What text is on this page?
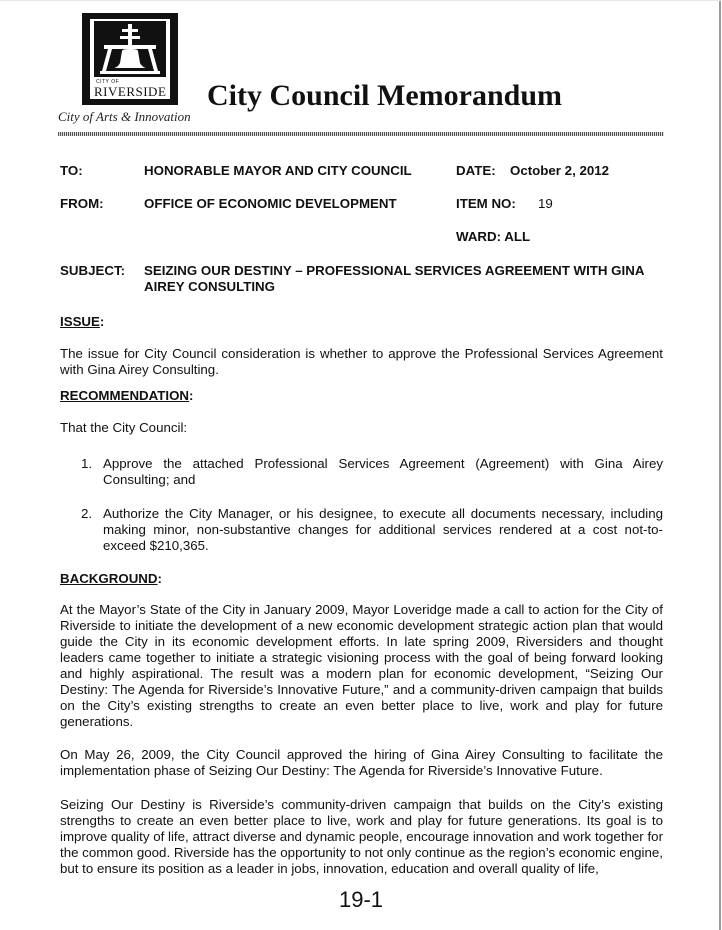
CITY OF
RIVERSIDE
City of Arts & Innovation
City Council Memorandum
TO:	HONORABLE MAYOR AND CITY COUNCIL	DATE: October 2, 2012
FROM:	OFFICE OF ECONOMIC DEVELOPMENT	ITEM NO: 19
WARD: ALL
SUBJECT: SEIZING OUR DESTINY – PROFESSIONAL SERVICES AGREEMENT WITH GINA
AIREY CONSULTING
ISSUE:
The issue for City Council consideration is whether to approve the Professional Services Agreement with Gina Airey Consulting.
RECOMMENDATION:
That the City Council:
1. Approve the attached Professional Services Agreement (Agreement) with Gina Airey Consulting; and
2. Authorize the City Manager, or his designee, to execute all documents necessary, including making minor, non-substantive changes for additional services rendered at a cost not-to-exceed $210,365.
BACKGROUND:
At the Mayor’s State of the City in January 2009, Mayor Loveridge made a call to action for the City of Riverside to initiate the development of a new economic development strategic action plan that would guide the City in its economic development efforts. In late spring 2009, Riversiders and thought leaders came together to initiate a strategic visioning process with the goal of being forward looking and highly aspirational. The result was a modern plan for economic development, “Seizing Our Destiny: The Agenda for Riverside’s Innovative Future,” and a community-driven campaign that builds on the City’s existing strengths to create an even better place to live, work and play for future generations.
On May 26, 2009, the City Council approved the hiring of Gina Airey Consulting to facilitate the implementation phase of Seizing Our Destiny: The Agenda for Riverside’s Innovative Future.
Seizing Our Destiny is Riverside’s community-driven campaign that builds on the City’s existing strengths to create an even better place to live, work and play for future generations. Its goal is to improve quality of life, attract diverse and dynamic people, encourage innovation and work together for the common good. Riverside has the opportunity to not only continue as the region’s economic engine, but to ensure its position as a leader in jobs, innovation, education and overall quality of life,
19-1
